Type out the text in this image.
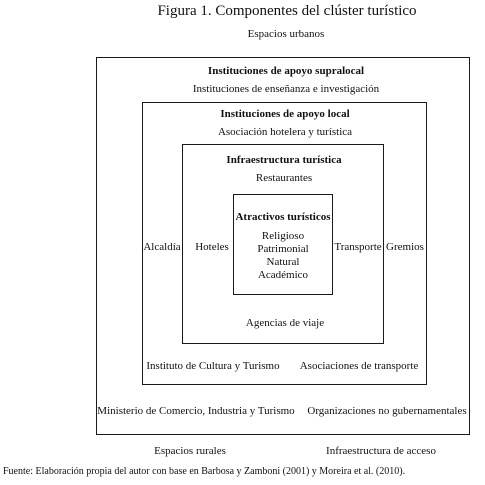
Figura 1. Componentes del clúster turístico
Espacios urbanos
Instituciones de apoyo supralocal
Instituciones de enseñanza e investigación
Instituciones de apoyo local
Asociación hotelera y turística
Infraestructura turística
Restaurantes
Atractivos turísticos
Religioso
Patrimonial
Natural
Académico
Alcaldía Hoteles	Transporte Gremios
Agencias de viaje
Instituto de Cultura y Turismo Asociaciones de transporte
Ministerio de Comercio, Industria y Turismo Organizaciones no gubernamentales
Espacios rurales	Infraestructura de acceso
Fuente: Elaboración propia del autor con base en Barbosa y Zamboni (2001) y Moreira et al. (2010).
